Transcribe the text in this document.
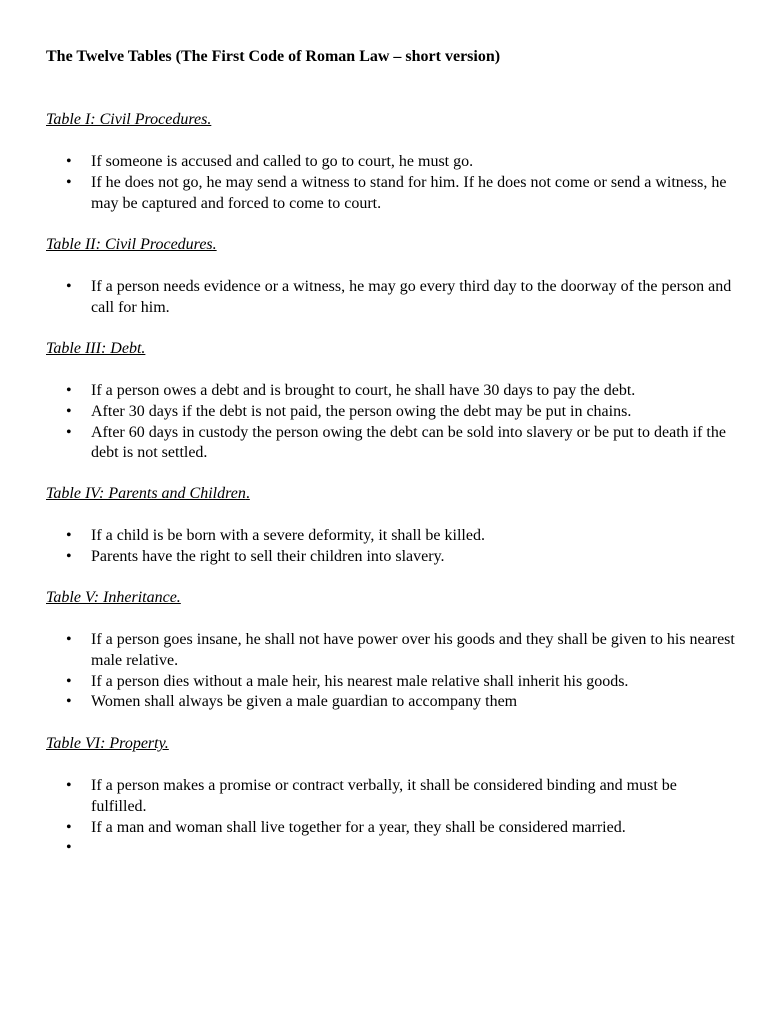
The Twelve Tables (The First Code of Roman Law – short version)
Table I: Civil Procedures.
• If someone is accused and called to go to court, he must go.
• If he does not go, he may send a witness to stand for him. If he does not come or send a witness, he may be captured and forced to come to court.
Table II: Civil Procedures.
• If a person needs evidence or a witness, he may go every third day to the doorway of the person and call for him.
Table III: Debt.
• If a person owes a debt and is brought to court, he shall have 30 days to pay the debt.
• After 30 days if the debt is not paid, the person owing the debt may be put in chains.
• After 60 days in custody the person owing the debt can be sold into slavery or be put to death if the debt is not settled.
Table IV: Parents and Children.
• If a child is be born with a severe deformity, it shall be killed.
• Parents have the right to sell their children into slavery.
Table V: Inheritance.
• If a person goes insane, he shall not have power over his goods and they shall be given to his nearest male relative.
• If a person dies without a male heir, his nearest male relative shall inherit his goods.
• Women shall always be given a male guardian to accompany them
Table VI: Property.
• If a person makes a promise or contract verbally, it shall be considered binding and must be fulfilled.
• If a man and woman shall live together for a year, they shall be considered married.
•
